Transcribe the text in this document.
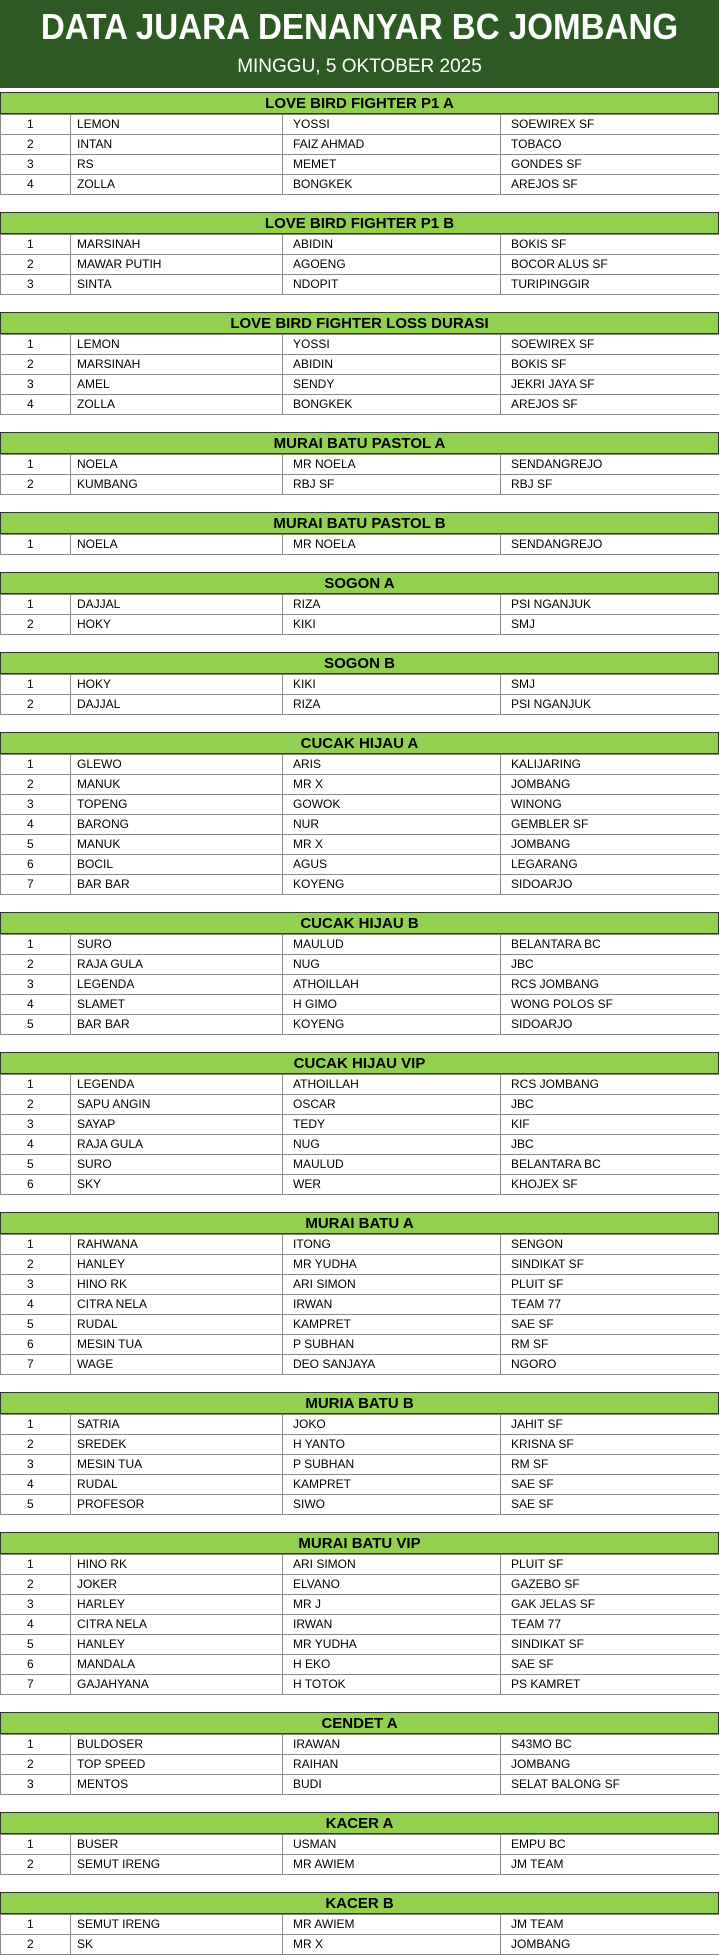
DATA JUARA DENANYAR BC JOMBANG
MINGGU, 5 OKTOBER 2025
LOVE BIRD FIGHTER P1 A
1	LEMON	YOSSI	SOEWIREX SF
2	INTAN	FAIZ AHMAD	TOBACO
3	RS	MEMET	GONDES SF
4	ZOLLA	BONGKEK	AREJOS SF
LOVE BIRD FIGHTER P1 B
1	MARSINAH	ABIDIN	BOKIS SF
2	MAWAR PUTIH	AGOENG	BOCOR ALUS SF
3	SINTA	NDOPIT	TURIPINGGIR
LOVE BIRD FIGHTER LOSS DURASI
1	LEMON	YOSSI	SOEWIREX SF
2	MARSINAH	ABIDIN	BOKIS SF
3	AMEL	SENDY	JEKRI JAYA SF
4	ZOLLA	BONGKEK	AREJOS SF
MURAI BATU PASTOL A
1	NOELA	MR NOELA	SENDANGREJO
2	KUMBANG	RBJ SF	RBJ SF
MURAI BATU PASTOL B
1	NOELA	MR NOELA	SENDANGREJO
SOGON A
1	DAJJAL	RIZA	PSI NGANJUK
2	HOKY	KIKI	SMJ
SOGON B
1	HOKY	KIKI	SMJ
2	DAJJAL	RIZA	PSI NGANJUK
CUCAK HIJAU A
1	GLEWO	ARIS	KALIJARING
2	MANUK	MR X	JOMBANG
3	TOPENG	GOWOK	WINONG
4	BARONG	NUR	GEMBLER SF
5	MANUK	MR X	JOMBANG
6	BOCIL	AGUS	LEGARANG
7	BAR BAR	KOYENG	SIDOARJO
CUCAK HIJAU B
1	SURO	MAULUD	BELANTARA BC
2	RAJA GULA	NUG	JBC
3	LEGENDA	ATHOILLAH	RCS JOMBANG
4	SLAMET	H GIMO	WONG POLOS SF
5	BAR BAR	KOYENG	SIDOARJO
CUCAK HIJAU VIP
1	LEGENDA	ATHOILLAH	RCS JOMBANG
2	SAPU ANGIN	OSCAR	JBC
3	SAYAP	TEDY	KIF
4	RAJA GULA	NUG	JBC
5	SURO	MAULUD	BELANTARA BC
6	SKY	WER	KHOJEX SF
MURAI BATU A
1	RAHWANA	ITONG	SENGON
2	HANLEY	MR YUDHA	SINDIKAT SF
3	HINO RK	ARI SIMON	PLUIT SF
4	CITRA NELA	IRWAN	TEAM 77
5	RUDAL	KAMPRET	SAE SF
6	MESIN TUA	P SUBHAN	RM SF
7	WAGE	DEO SANJAYA	NGORO
MURIA BATU B
1	SATRIA	JOKO	JAHIT SF
2	SREDEK	H YANTO	KRISNA SF
3	MESIN TUA	P SUBHAN	RM SF
4	RUDAL	KAMPRET	SAE SF
5	PROFESOR	SIWO	SAE SF
MURAI BATU VIP
1	HINO RK	ARI SIMON	PLUIT SF
2	JOKER	ELVANO	GAZEBO SF
3	HARLEY	MR J	GAK JELAS SF
4	CITRA NELA	IRWAN	TEAM 77
5	HANLEY	MR YUDHA	SINDIKAT SF
6	MANDALA	H EKO	SAE SF
7	GAJAHYANA	H TOTOK	PS KAMRET
CENDET A
1	BULDOSER	IRAWAN	S43MO BC
2	TOP SPEED	RAIHAN	JOMBANG
3	MENTOS	BUDI	SELAT BALONG SF
KACER A
1	BUSER	USMAN	EMPU BC
2	SEMUT IRENG	MR AWIEM	JM TEAM
KACER B
1	SEMUT IRENG	MR AWIEM	JM TEAM
2	SK	MR X	JOMBANG
